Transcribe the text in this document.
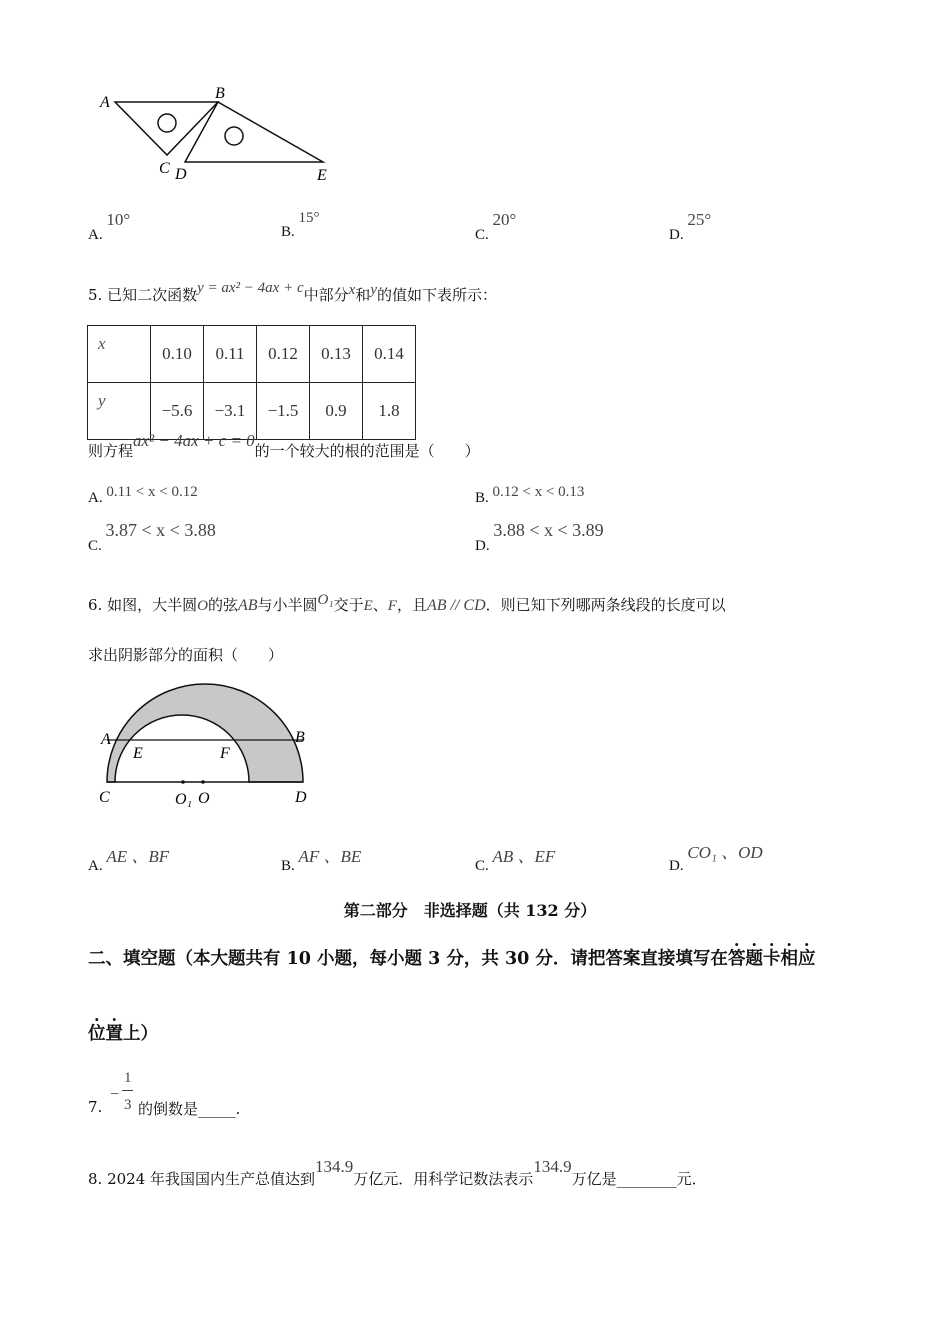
A
B
C D	E
A. 10°
B. 15°
C. 20°
D. 25°
5. 已知二次函数y = ax² − 4ax + c中部分x和y的值如下表所示：
x	0.10	0.11	0.12	0.13	0.14
y	−5.6	−3.1	−1.5	0.9	1.8
则方程ax² − 4ax + c = 0的一个较大的根的范围是（　　）
A. 0.11 < x < 0.12	B. 0.12 < x < 0.13
C. 3.87 < x < 3.88
D. 3.88 < x < 3.89
6. 如图，大半圆O的弦AB与小半圆O₁交于E、F，且AB // CD．则已知下列哪两条线段的长度可以
求出阴影部分的面积（　　）
A	B
E	F
C	O₁ O	D
A. AE 、BF	B. AF 、BE	C. AB 、EF	D. CO₁ 、OD
第二部分　非选择题（共 132 分）
二、填空题（本大题共有 10 小题，每小题 3 分，共 30 分．请把答案直接填写在答题卡相应
位置上）
7.
−
1
3 的倒数是_____.
8. 2024 年我国国内生产总值达到134.9万亿元．用科学记数法表示134.9万亿是________元．
